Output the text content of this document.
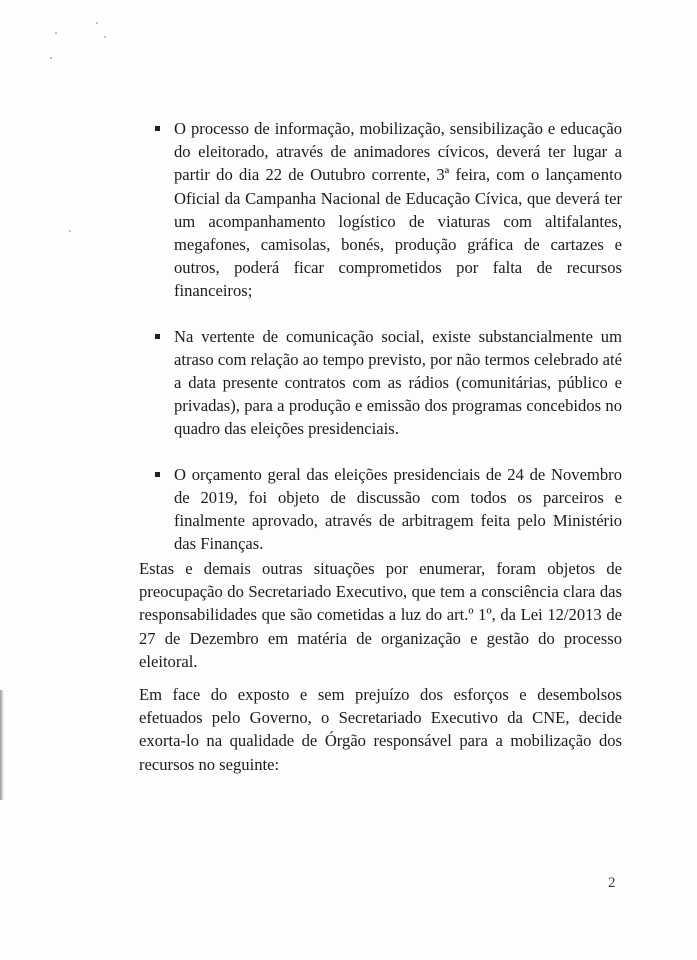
O processo de informação, mobilização, sensibilização e educação do eleitorado, através de animadores cívicos, deverá ter lugar a partir do dia 22 de Outubro corrente, 3ª feira, com o lançamento Oficial da Campanha Nacional de Educação Cívica, que deverá ter um acompanhamento logístico de viaturas com altifalantes, megafones, camisolas, bonés, produção gráfica de cartazes e outros, poderá ficar comprometidos por falta de recursos financeiros;
Na vertente de comunicação social, existe substancialmente um atraso com relação ao tempo previsto, por não termos celebrado até a data presente contratos com as rádios (comunitárias, público e privadas), para a produção e emissão dos programas concebidos no quadro das eleições presidenciais.
O orçamento geral das eleições presidenciais de 24 de Novembro de 2019, foi objeto de discussão com todos os parceiros e finalmente aprovado, através de arbitragem feita pelo Ministério das Finanças.

Estas e demais outras situações por enumerar, foram objetos de preocupação do Secretariado Executivo, que tem a consciência clara das responsabilidades que são cometidas a luz do art.º 1º, da Lei 12/2013 de 27 de Dezembro em matéria de organização e gestão do processo eleitoral.

Em face do exposto e sem prejuízo dos esforços e desembolsos efetuados pelo Governo, o Secretariado Executivo da CNE, decide exorta-lo na qualidade de Órgão responsável para a mobilização dos recursos no seguinte:

2
